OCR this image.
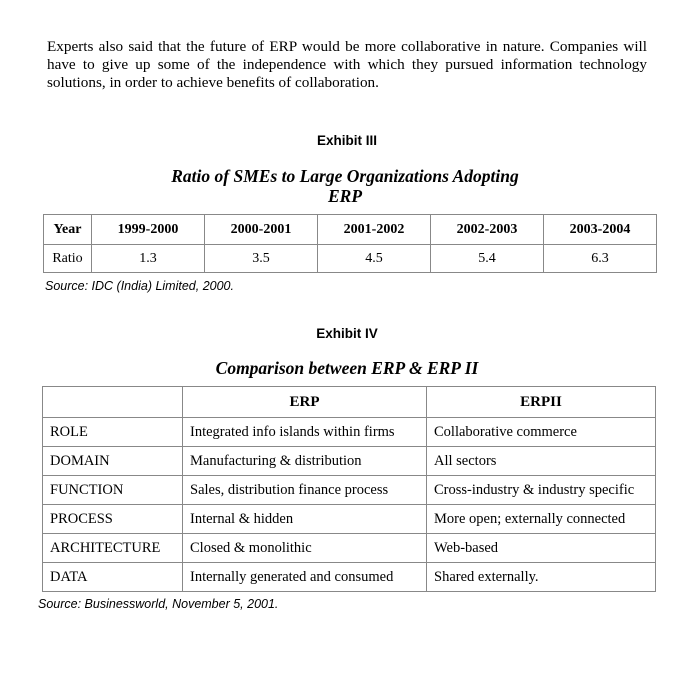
Experts also said that the future of ERP would be more collaborative in nature. Companies will have to give up some of the independence with which they pursued information technology solutions, in order to achieve benefits of collaboration.

Exhibit III
Ratio of SMEs to Large Organizations Adopting ERP
Year	1999-2000	2000-2001	2001-2002	2002-2003	2003-2004
Ratio	1.3	3.5	4.5	5.4	6.3
Source: IDC (India) Limited, 2000.
Exhibit IV
Comparison between ERP & ERP II
	ERP	ERPII
ROLE	Integrated info islands within firms	Collaborative commerce
DOMAIN	Manufacturing & distribution	All sectors
FUNCTION	Sales, distribution finance process	Cross-industry & industry specific
PROCESS	Internal & hidden	More open; externally connected
ARCHITECTURE	Closed & monolithic	Web-based
DATA	Internally generated and consumed	Shared externally.
Source: Businessworld, November 5, 2001.
